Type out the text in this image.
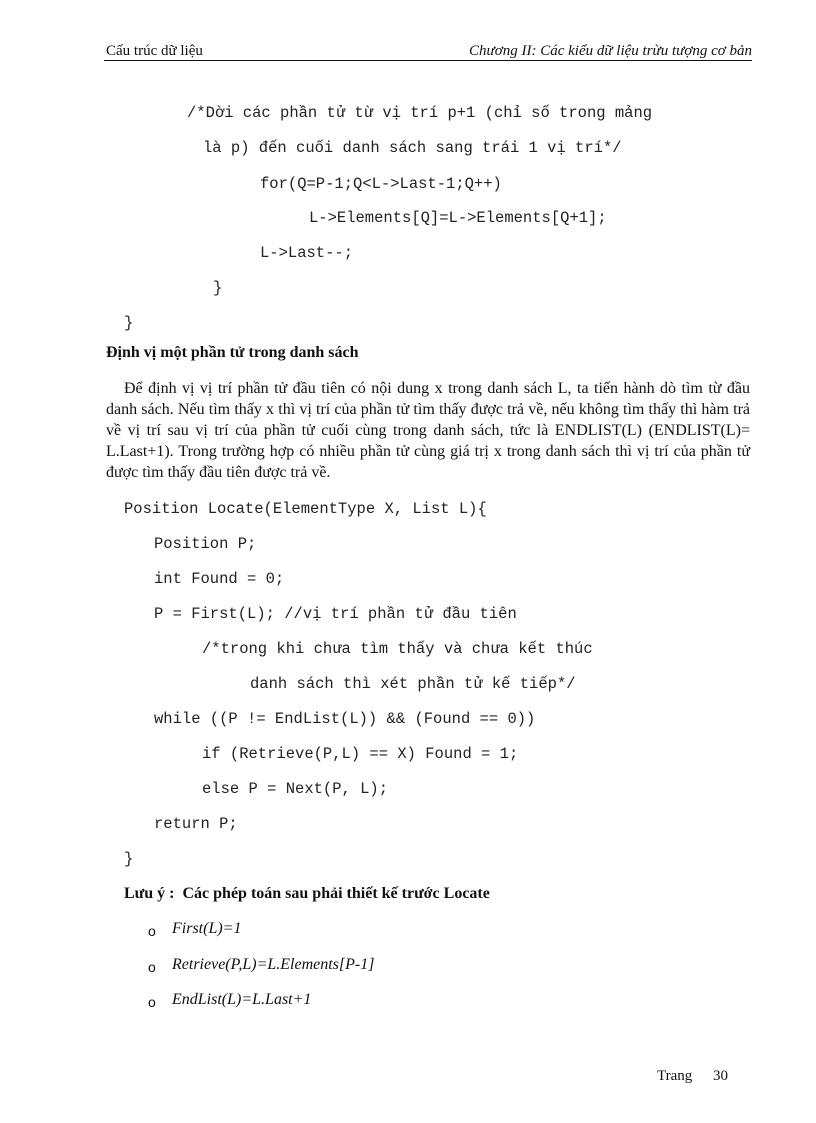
Cấu trúc dữ liệu	Chương II: Các kiểu dữ liệu trừu tượng cơ bản
/*Dời các phần tử từ vị trí p+1 (chỉ số trong mảng
là p) đến cuối danh sách sang trái 1 vị trí*/
for(Q=P-1;Q<L->Last-1;Q++)
L->Elements[Q]=L->Elements[Q+1];
L->Last--;
}
}
Định vị một phần tử trong danh sách
Để định vị vị trí phần tử đầu tiên có nội dung x trong danh sách L, ta tiến hành dò tìm từ đầu danh sách. Nếu tìm thấy x thì vị trí của phần tử tìm thấy được trả về, nếu không tìm thấy thì hàm trả về vị trí sau vị trí của phần tử cuối cùng trong danh sách, tức là ENDLIST(L) (ENDLIST(L)= L.Last+1). Trong trường hợp có nhiều phần tử cùng giá trị x trong danh sách thì vị trí của phần tử được tìm thấy đầu tiên được trả về.
Position Locate(ElementType X, List L){
Position P;
int Found = 0;
P = First(L); //vị trí phần tử đầu tiên
/*trong khi chưa tìm thấy và chưa kết thúc
danh sách thì xét phần tử kế tiếp*/
while ((P != EndList(L)) && (Found == 0))
if (Retrieve(P,L) == X) Found = 1;
else P = Next(P, L);
return P;
}
Lưu ý :  Các phép toán sau phải thiết kế trước Locate
o First(L)=1
o Retrieve(P,L)=L.Elements[P-1]
o EndList(L)=L.Last+1
Trang 30
